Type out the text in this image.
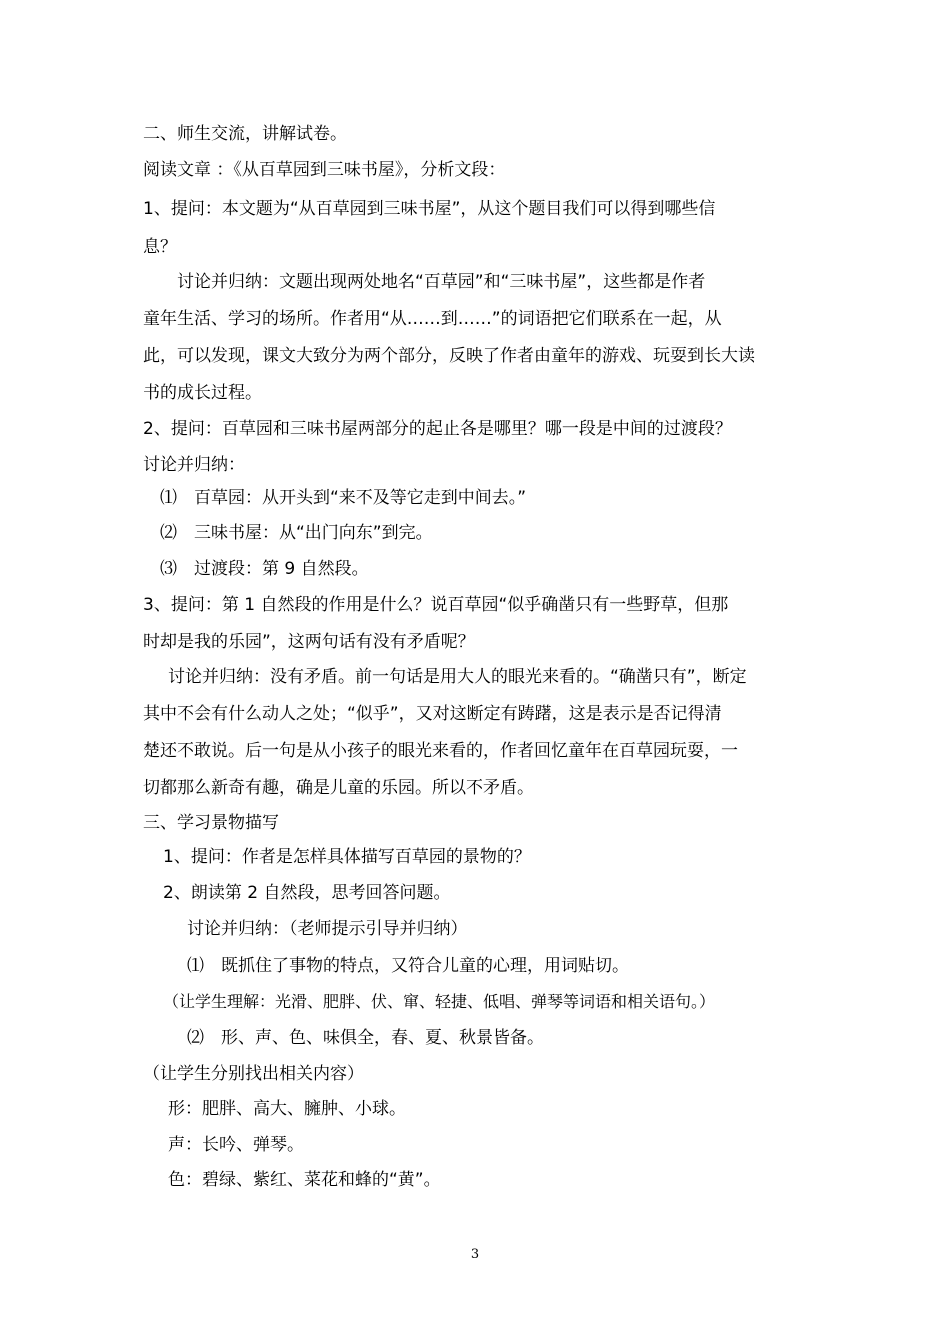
二、师生交流，讲解试卷。
阅读文章 ：《从百草园到三味书屋》，分析文段：
1、提问：本文题为“从百草园到三味书屋”，从这个题目我们可以得到哪些信
息？
讨论并归纳：文题出现两处地名“百草园”和“三味书屋”，这些都是作者
童年生活、学习的场所。作者用“从……到……”的词语把它们联系在一起，从
此，可以发现，课文大致分为两个部分，反映了作者由童年的游戏、玩耍到长大读
书的成长过程。
2、提问：百草园和三味书屋两部分的起止各是哪里？哪一段是中间的过渡段？
讨论并归纳：
⑴　百草园：从开头到“来不及等它走到中间去。”
⑵　三味书屋：从“出门向东”到完。
⑶　过渡段：第 9 自然段。
3、提问：第 1 自然段的作用是什么？说百草园“似乎确凿只有一些野草，但那
时却是我的乐园”，这两句话有没有矛盾呢？
讨论并归纳：没有矛盾。前一句话是用大人的眼光来看的。“确凿只有”，断定
其中不会有什么动人之处；“似乎”，又对这断定有踌躇，这是表示是否记得清
楚还不敢说。后一句是从小孩子的眼光来看的，作者回忆童年在百草园玩耍，一
切都那么新奇有趣，确是儿童的乐园。所以不矛盾。
三、学习景物描写
1、提问：作者是怎样具体描写百草园的景物的？
2、朗读第 2 自然段，思考回答问题。
讨论并归纳：（老师提示引导并归纳）
⑴　既抓住了事物的特点，又符合儿童的心理，用词贴切。
（让学生理解：光滑、肥胖、伏、窜、轻捷、低唱、弹琴等词语和相关语句。）
⑵　形、声、色、味俱全，春、夏、秋景皆备。
（让学生分别找出相关内容）
形：肥胖、高大、臃肿、小球。
声：长吟、弹琴。
色：碧绿、紫红、菜花和蜂的“黄”。
3
